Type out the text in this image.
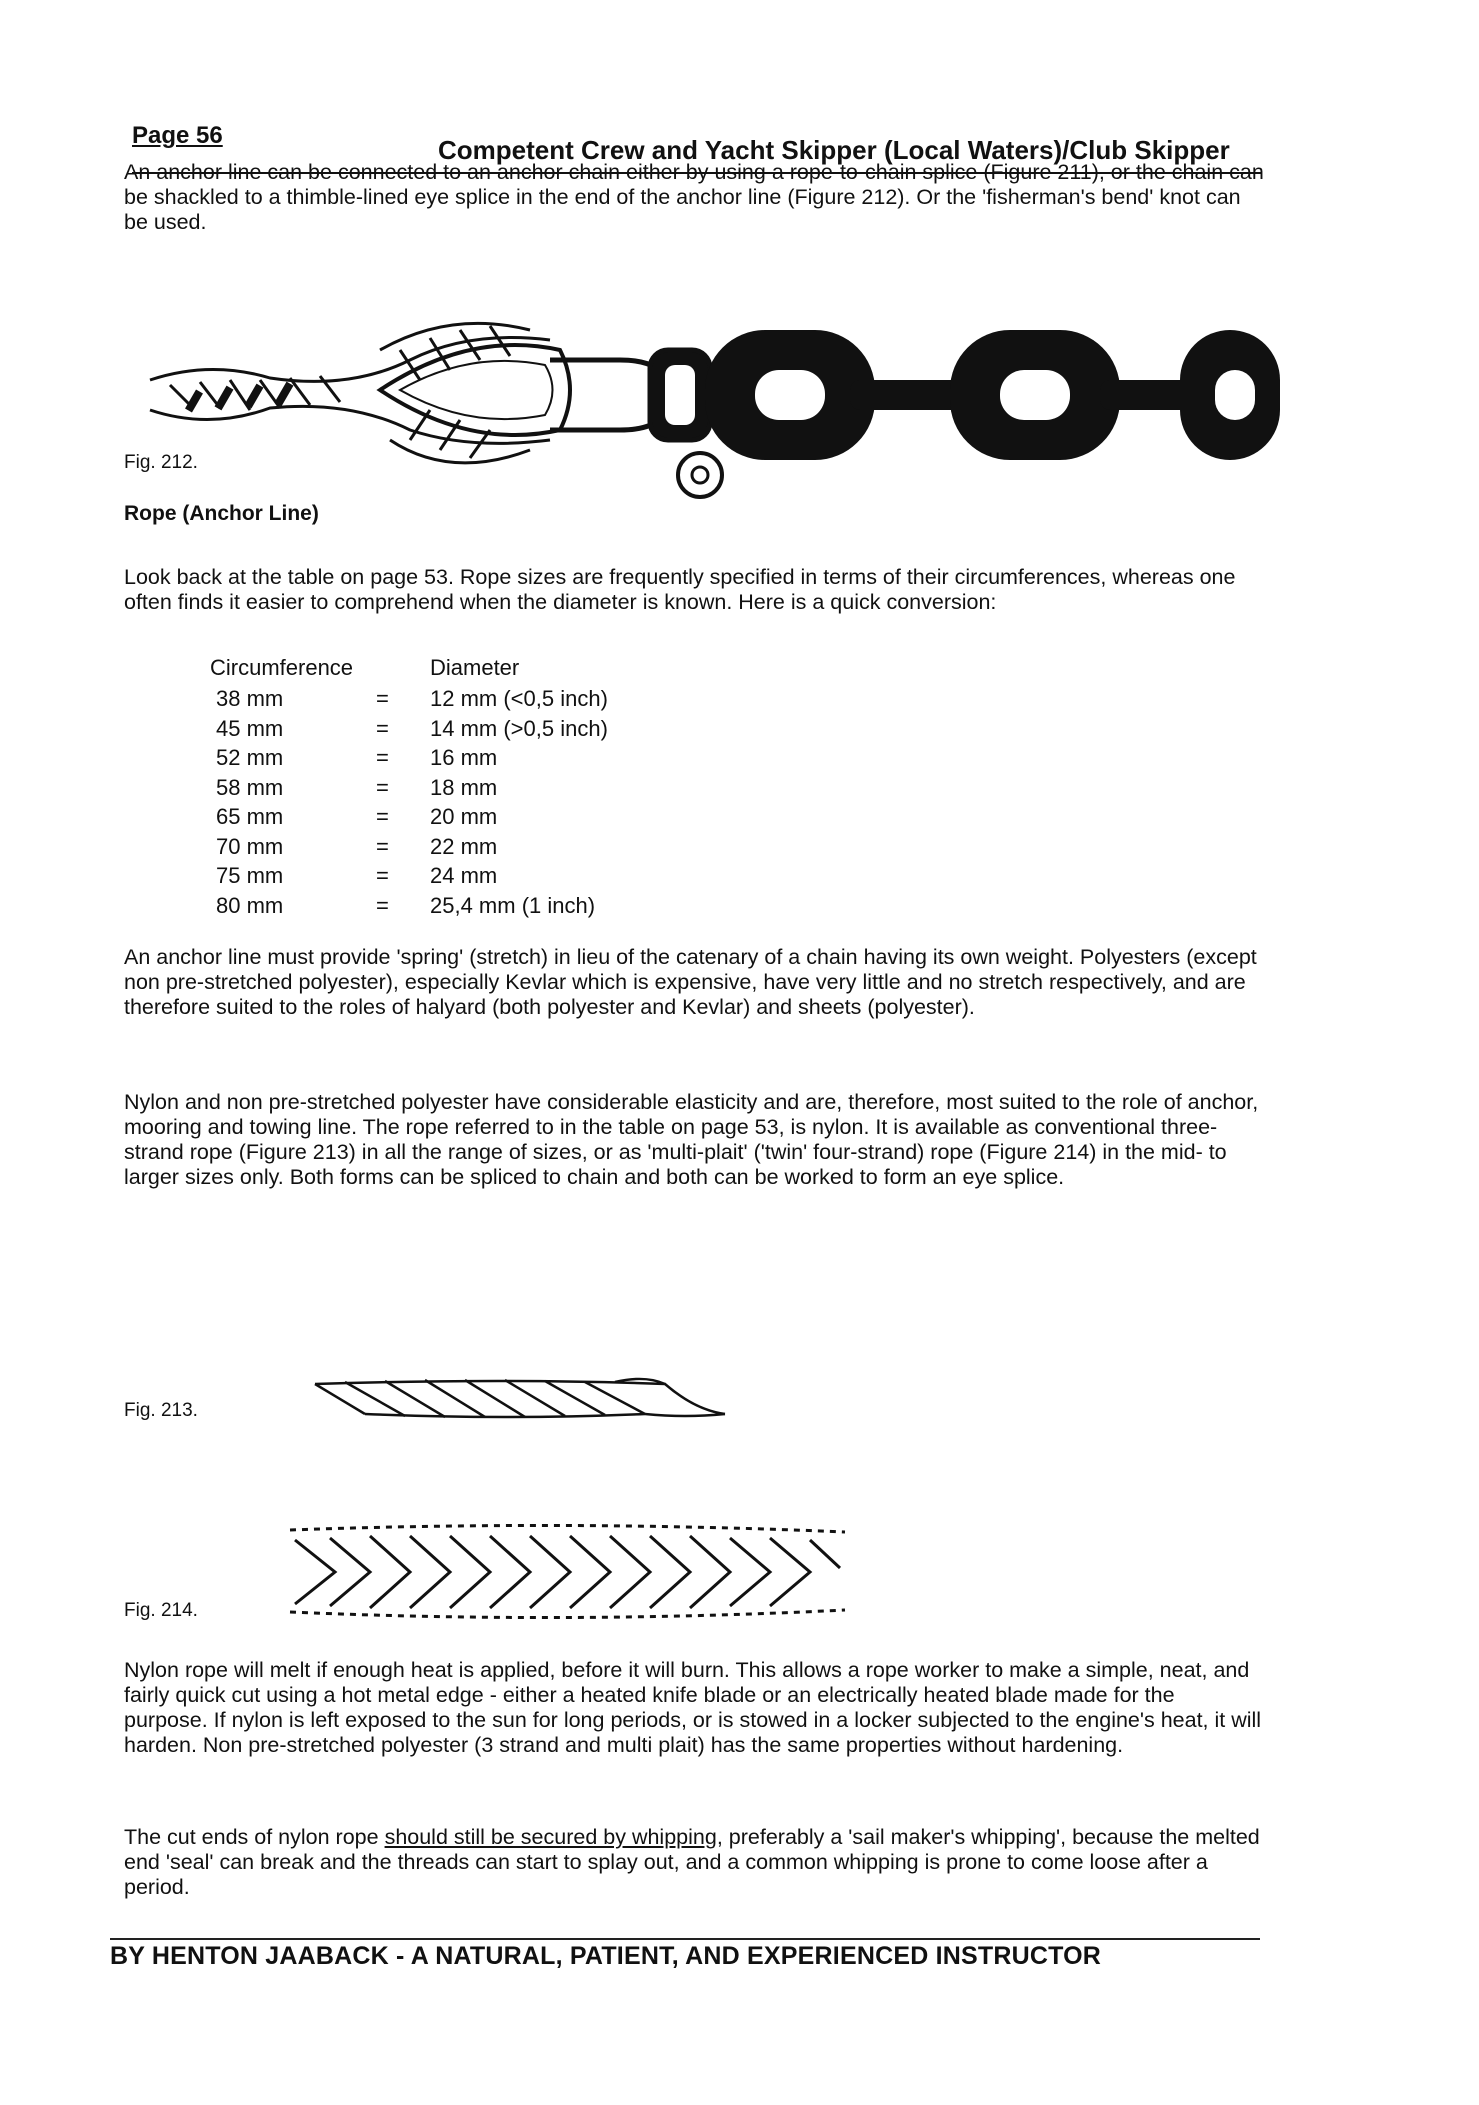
Page 56	Competent Crew and Yacht Skipper (Local Waters)/Club Skipper

An anchor line can be connected to an anchor chain either by using a rope-to-chain splice (Figure 211), or the chain can be shackled to a thimble-lined eye splice in the end of the anchor line (Figure 212). Or the 'fisherman's bend' knot can be used.

Fig. 212.
Rope (Anchor Line)

Look back at the table on page 53. Rope sizes are frequently specified in terms of their circumferences, whereas one often finds it easier to comprehend when the diameter is known. Here is a quick conversion:

Circumference		Diameter
38 mm	=	12 mm (<0,5 inch)
45 mm	=	14 mm (>0,5 inch)
52 mm	=	16 mm
58 mm	=	18 mm
65 mm	=	20 mm
70 mm	=	22 mm
75 mm	=	24 mm
80 mm	=	25,4 mm (1 inch)

An anchor line must provide 'spring' (stretch) in lieu of the catenary of a chain having its own weight. Polyesters (except non pre-stretched polyester), especially Kevlar which is expensive, have very little and no stretch respectively, and are therefore suited to the roles of halyard (both polyester and Kevlar) and sheets (polyester).

Nylon and non pre-stretched polyester have considerable elasticity and are, therefore, most suited to the role of anchor, mooring and towing line. The rope referred to in the table on page 53, is nylon. It is available as conventional three-strand rope (Figure 213) in all the range of sizes, or as 'multi-plait' ('twin' four-strand) rope (Figure 214) in the mid- to larger sizes only. Both forms can be spliced to chain and both can be worked to form an eye splice.

Fig. 213.
Fig. 214.

Nylon rope will melt if enough heat is applied, before it will burn. This allows a rope worker to make a simple, neat, and fairly quick cut using a hot metal edge - either a heated knife blade or an electrically heated blade made for the purpose. If nylon is left exposed to the sun for long periods, or is stowed in a locker subjected to the engine's heat, it will harden. Non pre-stretched polyester (3 strand and multi plait) has the same properties without hardening.

The cut ends of nylon rope should still be secured by whipping, preferably a 'sail maker's whipping', because the melted end 'seal' can break and the threads can start to splay out, and a common whipping is prone to come loose after a period.

BY HENTON JAABACK - A NATURAL, PATIENT, AND EXPERIENCED INSTRUCTOR
